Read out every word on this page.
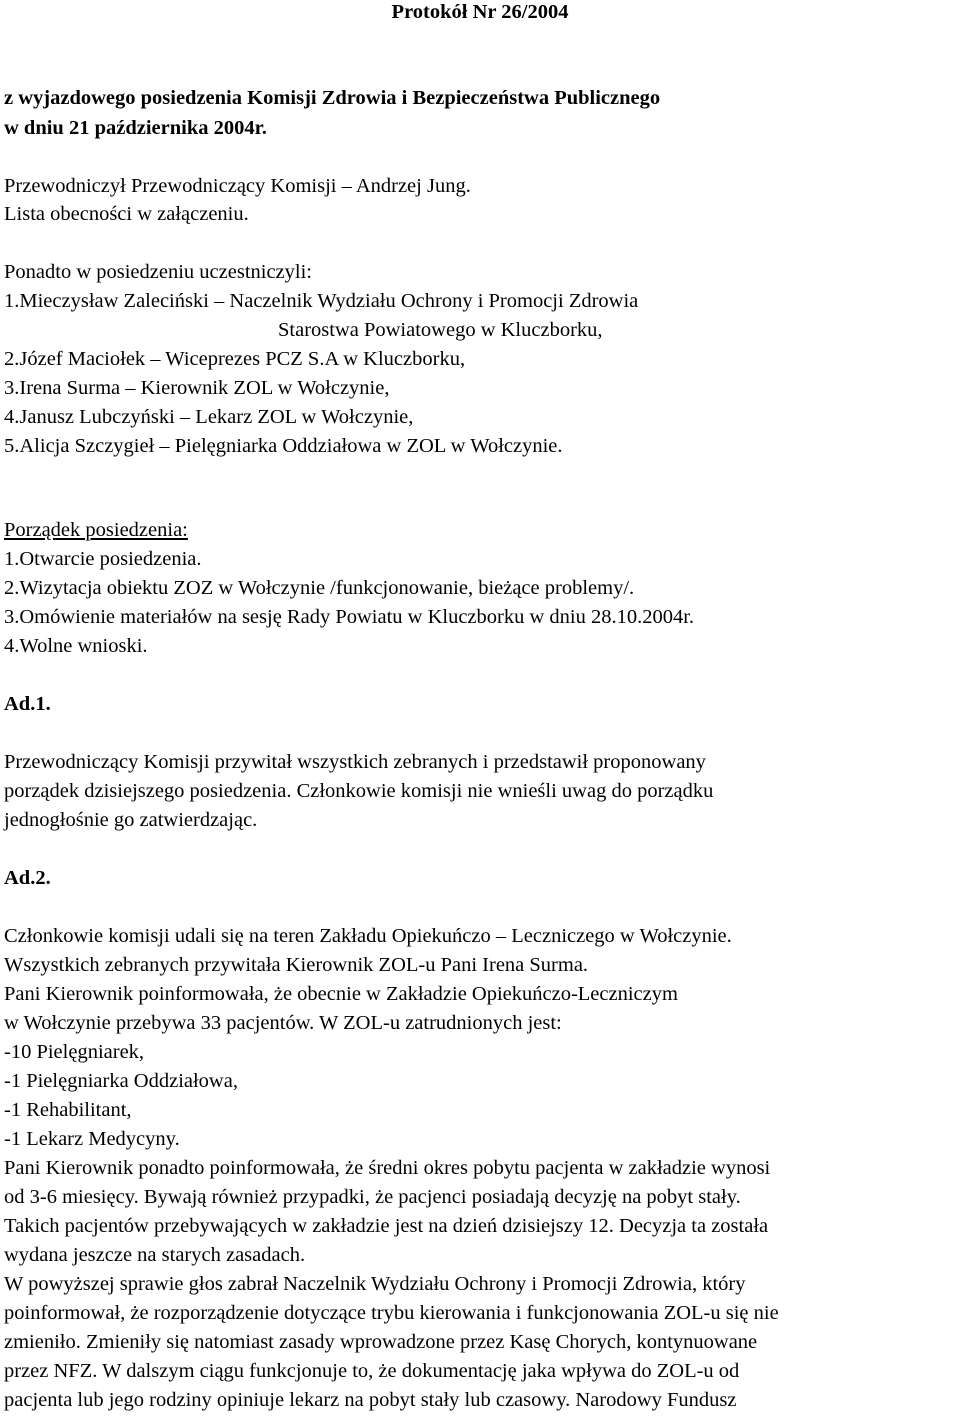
Protokół Nr 26/2004
z wyjazdowego posiedzenia Komisji Zdrowia i Bezpieczeństwa Publicznego
w dniu 21 października 2004r.
Przewodniczył Przewodniczący Komisji – Andrzej Jung.
Lista obecności w załączeniu.
Ponadto w posiedzeniu uczestniczyli:
1.Mieczysław Zaleciński – Naczelnik Wydziału Ochrony i Promocji Zdrowia
Starostwa Powiatowego w Kluczborku,
2.Józef Maciołek – Wiceprezes PCZ S.A w Kluczborku,
3.Irena Surma – Kierownik ZOL w Wołczynie,
4.Janusz Lubczyński – Lekarz ZOL w Wołczynie,
5.Alicja Szczygieł – Pielęgniarka Oddziałowa w ZOL w Wołczynie.
Porządek posiedzenia:
1.Otwarcie posiedzenia.
2.Wizytacja obiektu ZOZ w Wołczynie /funkcjonowanie, bieżące problemy/.
3.Omówienie materiałów na sesję Rady Powiatu w Kluczborku w dniu 28.10.2004r.
4.Wolne wnioski.
Ad.1.
Przewodniczący Komisji przywitał wszystkich zebranych i przedstawił proponowany
porządek dzisiejszego posiedzenia. Członkowie komisji nie wnieśli uwag do porządku
jednogłośnie go zatwierdzając.
Ad.2.
Członkowie komisji udali się na teren Zakładu Opiekuńczo – Leczniczego w Wołczynie.
Wszystkich zebranych przywitała Kierownik ZOL-u Pani Irena Surma.
Pani Kierownik poinformowała, że obecnie w Zakładzie Opiekuńczo-Leczniczym
w Wołczynie przebywa 33 pacjentów. W ZOL-u zatrudnionych jest:
-10 Pielęgniarek,
-1 Pielęgniarka Oddziałowa,
-1 Rehabilitant,
-1 Lekarz Medycyny.
Pani Kierownik ponadto poinformowała, że średni okres pobytu pacjenta w zakładzie wynosi
od 3-6 miesięcy. Bywają również przypadki, że pacjenci posiadają decyzję na pobyt stały.
Takich pacjentów przebywających w zakładzie jest na dzień dzisiejszy 12. Decyzja ta została
wydana jeszcze na starych zasadach.
W powyższej sprawie głos zabrał Naczelnik Wydziału Ochrony i Promocji Zdrowia, który
poinformował, że rozporządzenie dotyczące trybu kierowania i funkcjonowania ZOL-u się nie
zmieniło. Zmieniły się natomiast zasady wprowadzone przez Kasę Chorych, kontynuowane
przez NFZ. W dalszym ciągu funkcjonuje to, że dokumentację jaka wpływa do ZOL-u od
pacjenta lub jego rodziny opiniuje lekarz na pobyt stały lub czasowy. Narodowy Fundusz
